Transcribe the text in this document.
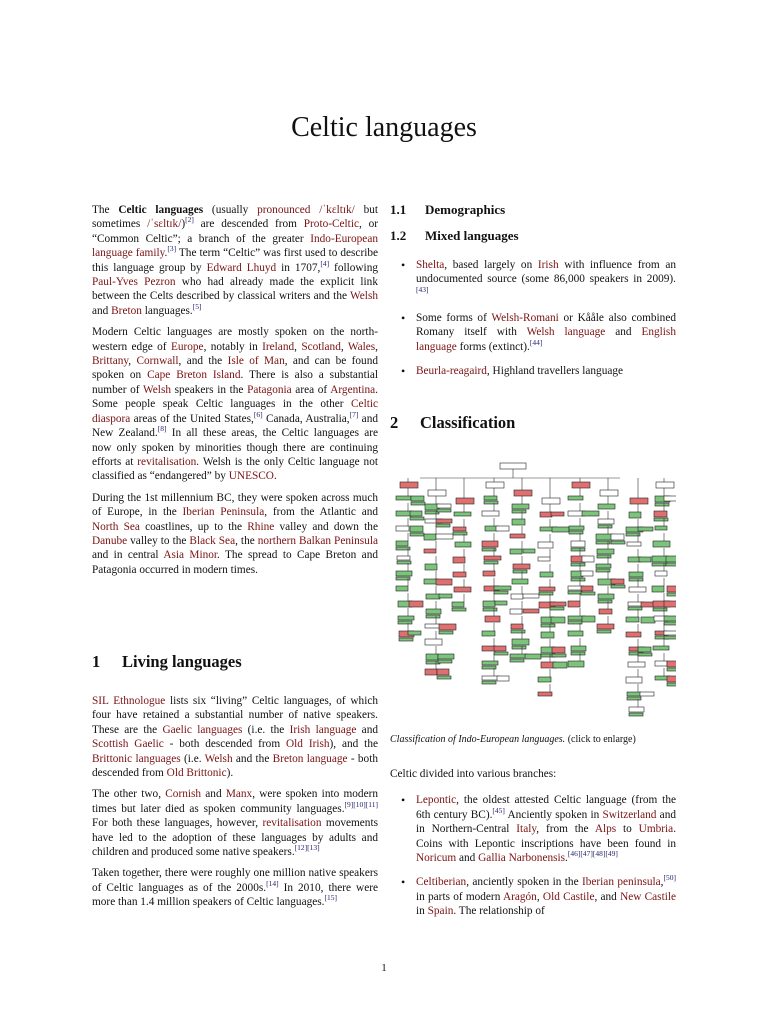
Celtic languages

The Celtic languages (usually pronounced /ˈkɛltɪk/ but sometimes /ˈsɛltɪk/)[2] are descended from Proto-Celtic, or “Common Celtic”; a branch of the greater Indo-European language family.[3] The term “Celtic” was first used to describe this language group by Edward Lhuyd in 1707,[4] following Paul-Yves Pezron who had already made the explicit link between the Celts described by classical writers and the Welsh and Breton languages.[5]

Modern Celtic languages are mostly spoken on the north-western edge of Europe, notably in Ireland, Scotland, Wales, Brittany, Cornwall, and the Isle of Man, and can be found spoken on Cape Breton Island. There is also a substantial number of Welsh speakers in the Patagonia area of Argentina. Some people speak Celtic languages in the other Celtic diaspora areas of the United States,[6] Canada, Australia,[7] and New Zealand.[8] In all these areas, the Celtic languages are now only spoken by minorities though there are continuing efforts at revitalisation. Welsh is the only Celtic language not classified as “endangered” by UNESCO.

During the 1st millennium BC, they were spoken across much of Europe, in the Iberian Peninsula, from the Atlantic and North Sea coastlines, up to the Rhine valley and down the Danube valley to the Black Sea, the northern Balkan Peninsula and in central Asia Minor. The spread to Cape Breton and Patagonia occurred in modern times.

1 Living languages

SIL Ethnologue lists six “living” Celtic languages, of which four have retained a substantial number of native speakers. These are the Gaelic languages (i.e. the Irish language and Scottish Gaelic - both descended from Old Irish), and the Brittonic languages (i.e. Welsh and the Breton language - both descended from Old Brittonic).

The other two, Cornish and Manx, were spoken into modern times but later died as spoken community languages.[9][10][11] For both these languages, however, revitalisation movements have led to the adoption of these languages by adults and children and produced some native speakers.[12][13]

Taken together, there were roughly one million native speakers of Celtic languages as of the 2000s.[14] In 2010, there were more than 1.4 million speakers of Celtic languages.[15]

1.1 Demographics
1.2 Mixed languages
• Shelta, based largely on Irish with influence from an undocumented source (some 86,000 speakers in 2009).[43]
• Some forms of Welsh-Romani or Kååle also combined Romany itself with Welsh language and English language forms (extinct).[44]
• Beurla-reagaird, Highland travellers language
2 Classification
Classification of Indo-European languages. (click to enlarge)

Celtic divided into various branches:

• Lepontic, the oldest attested Celtic language (from the 6th century BC).[45] Anciently spoken in Switzerland and in Northern-Central Italy, from the Alps to Umbria. Coins with Lepontic inscriptions have been found in Noricum and Gallia Narbonensis.[46][47][48][49]
• Celtiberian, anciently spoken in the Iberian peninsula,[50] in parts of modern Aragón, Old Castile, and New Castile in Spain. The relationship of
1
